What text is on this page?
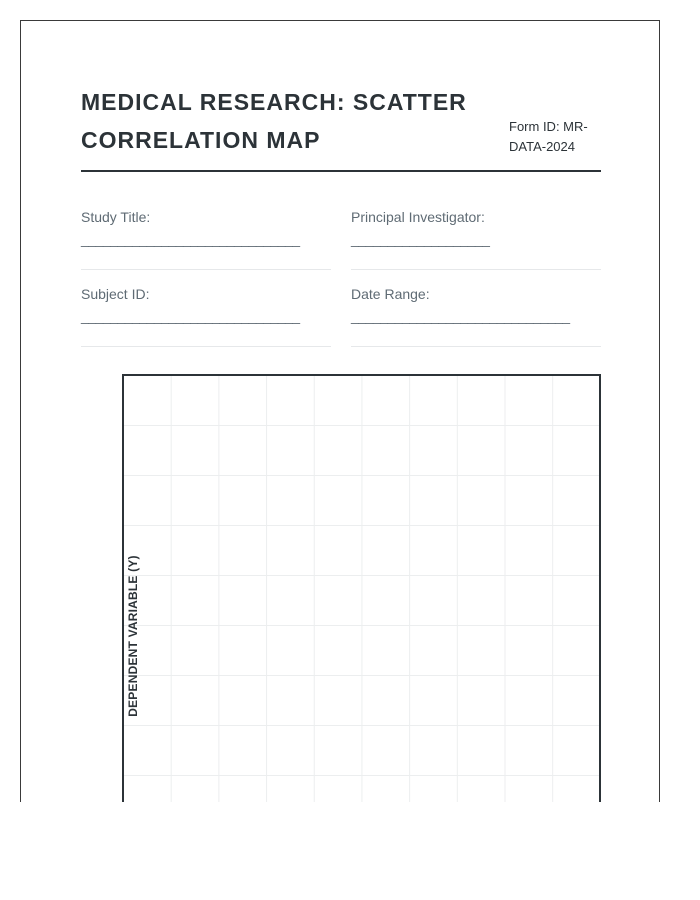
MEDICAL RESEARCH: SCATTER CORRELATION MAP
Form ID: MR-DATA-2024
Study Title:
______________________________
Principal Investigator:
___________________
Subject ID:
______________________________
Date Range:
______________________________
DEPENDENT VARIABLE (Y)
